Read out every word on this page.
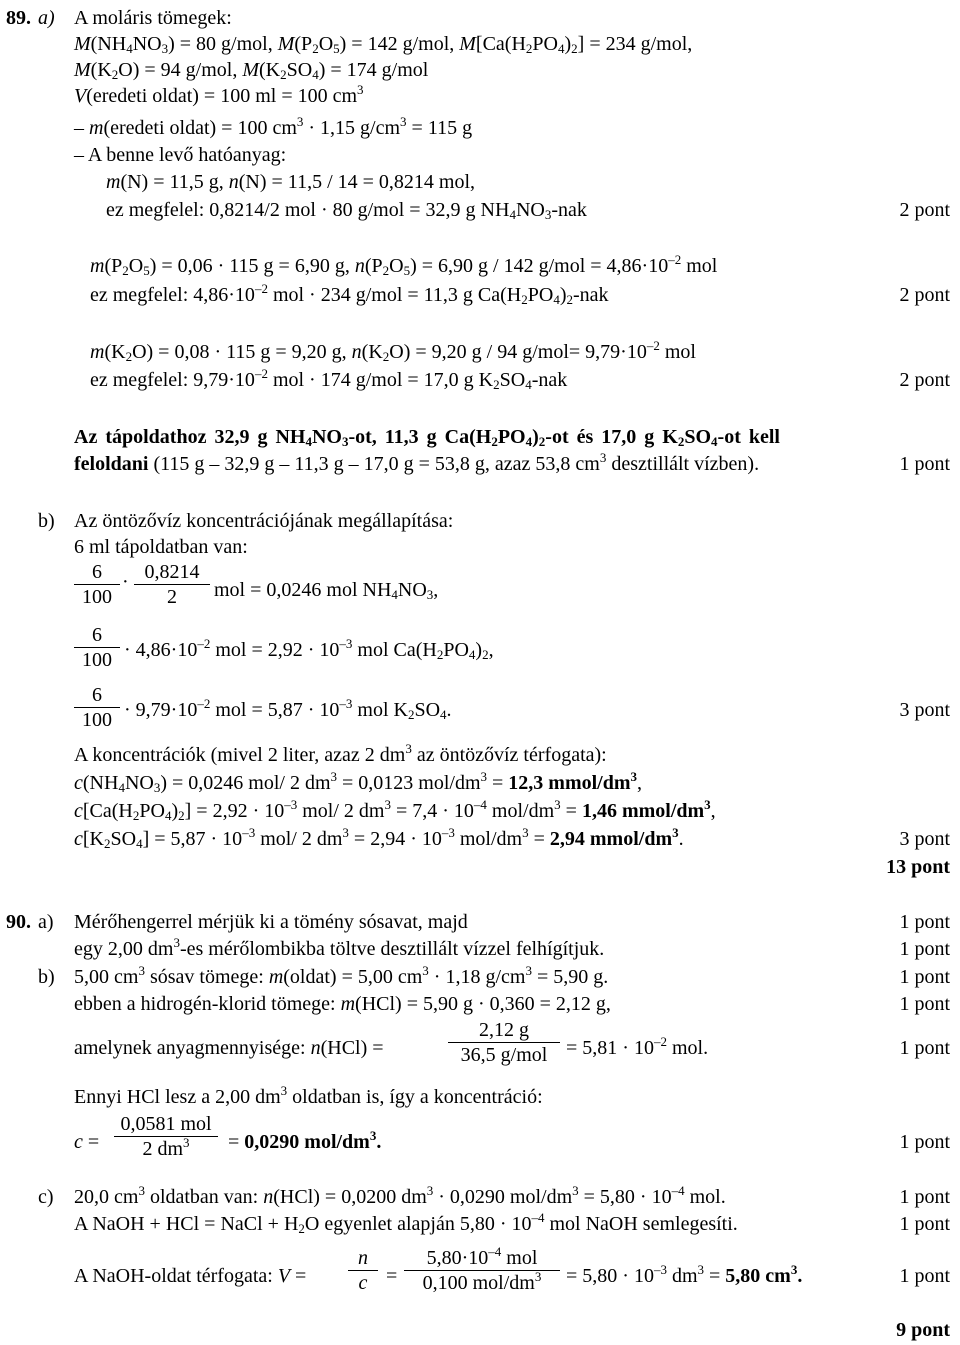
89. a) A moláris tömegek:
$M(NH_4NO_3) = 80$ g/mol, $M(P_2O_5) = 142$ g/mol, $M[Ca(H_2PO_4)_2] = 234$ g/mol,
$M(K_2O) = 94$ g/mol, $M(K_2SO_4) = 174$ g/mol
V(eredeti oldat) = 100 ml = 100 $cm^3$
– m(eredeti oldat) = 100 $cm^3 \cdot 1,15$ $g/cm^3 = 115$ g
– A benne levő hatóanyag:
m(N) = 11,5 g, n(N) = 11,5 / 14 = 0,8214 mol,
ez megfelel: 0,8214/2 mol · 80 g/mol = 32,9 g $NH_4NO_3$-nak	2 pont
$m(P_2O_5) = 0,06 \cdot 115$ g = 6,90 g, $n(P_2O_5) = 6,90$ g / 142 $g/mol = 4,86\cdot 10^{-2}$ mol
ez megfelel: $4,86\cdot 10^{-2}$ mol · 234 g/mol = 11,3 g $Ca(H_2PO_4)_2$-nak	2 pont
$m(K_2O) = 0,08 \cdot 115$ g = 9,20 g, $n(K_2O) = 9,20$ g / 94 $g/mol= 9,79\cdot 10^{-2}$ mol
ez megfelel: $9,79\cdot 10^{-2}$ mol · 174 g/mol = 17,0 g $K_2SO_4$-nak	2 pont
Az tápoldathoz 32,9 g $NH_4NO_3-ot$, 11,3 g $Ca(H_2PO_4)_2-ot$ és 17,0 g $K_2SO_4-ot$ kell
feloldani (115 g – 32,9 g – 11,3 g – 17,0 g = 53,8 g, azaz 53,8 $cm^3$ desztillált vízben).	1 pont
b) Az öntözővíz koncentrációjának megállapítása:
6 ml tápoldatban van:
$\frac{6}{100} \cdot \frac{0,8214}{2}$ mol = 0,0246 mol $NH_4NO_3$,
$\frac{6}{100} \cdot 4,86\cdot 10^{-2}$ mol = $2,92 \cdot 10^{-3}$ mol $Ca(H_2PO_4)_2$,
$\frac{6}{100} \cdot 9,79\cdot 10^{-2}$ mol = $5,87 \cdot 10^{-3}$ mol $K_2SO_4$.	3 pont
A koncentrációk (mivel 2 liter, azaz 2 $dm^3$ az öntözővíz térfogata):
$c(NH_4NO_3) = 0,0246$ mol/ 2 $dm^3 = 0,0123$ mol/$dm^3 = 12,3$ mmol/$dm^3$,
$c[Ca(H_2PO_4)_2] = 2,92 \cdot 10^{-3}$ mol/ 2 $dm^3 = 7,4 \cdot 10^{-4}$ mol/$dm^3 = 1,46$ mmol/$dm^3$,
$c[K_2SO_4] = 5,87 \cdot 10^{-3}$ mol/ 2 $dm^3 = 2,94 \cdot 10^{-3}$ mol/$dm^3 = 2,94$ mmol/$dm^3$.	3 pont
13 pont
90. a) Mérőhengerrel mérjük ki a tömény sósavat, majd	1 pont
egy 2,00 $dm^3-es$ mérőlombikba töltve desztillált vízzel felhígítjuk.	1 pont
b) 5,00 $cm^3$ sósav tömege: m(oldat) = 5,00 $cm^3 \cdot 1,18$ $g/cm^3 = 5,90$ g.	1 pont
ebben a hidrogén-klorid tömege: m(HCl) = 5,90 g · 0,360 = 2,12 g,	1 pont
amelynek anyagmennyisége: n(HCl) =
2,12 g
36,5 $g/mol = 5,81 \cdot 10^{-2}$ mol.	1 pont
Ennyi HCl lesz a 2,00 $dm^3$ oldatban is, így a koncentráció:
c =
0,0581 mol
2 $dm^3$	= 0,0290 mol/$dm^3$.	1 pont
c) 20,0 $cm^3$ oldatban van: n(HCl) = 0,0200 $dm^3 \cdot 0,0290$ mol/$dm^3 = 5,80 \cdot 10^{-4}$ mol.	1 pont
A NaOH + HCl = NaCl + $H_2O$ egyenlet alapján $5,80 \cdot 10^{-4}$ mol NaOH semlegesíti.	1 pont
A NaOH-oldat térfogata: $V = \frac{n}{c}$ =
$5,80\cdot 10^{-4}$ mol
0,100 mol/$dm^3$	= $5,80 \cdot 10^{-3}$ $dm^3 = 5,80$ $cm^3$.	1 pont
9 pont
